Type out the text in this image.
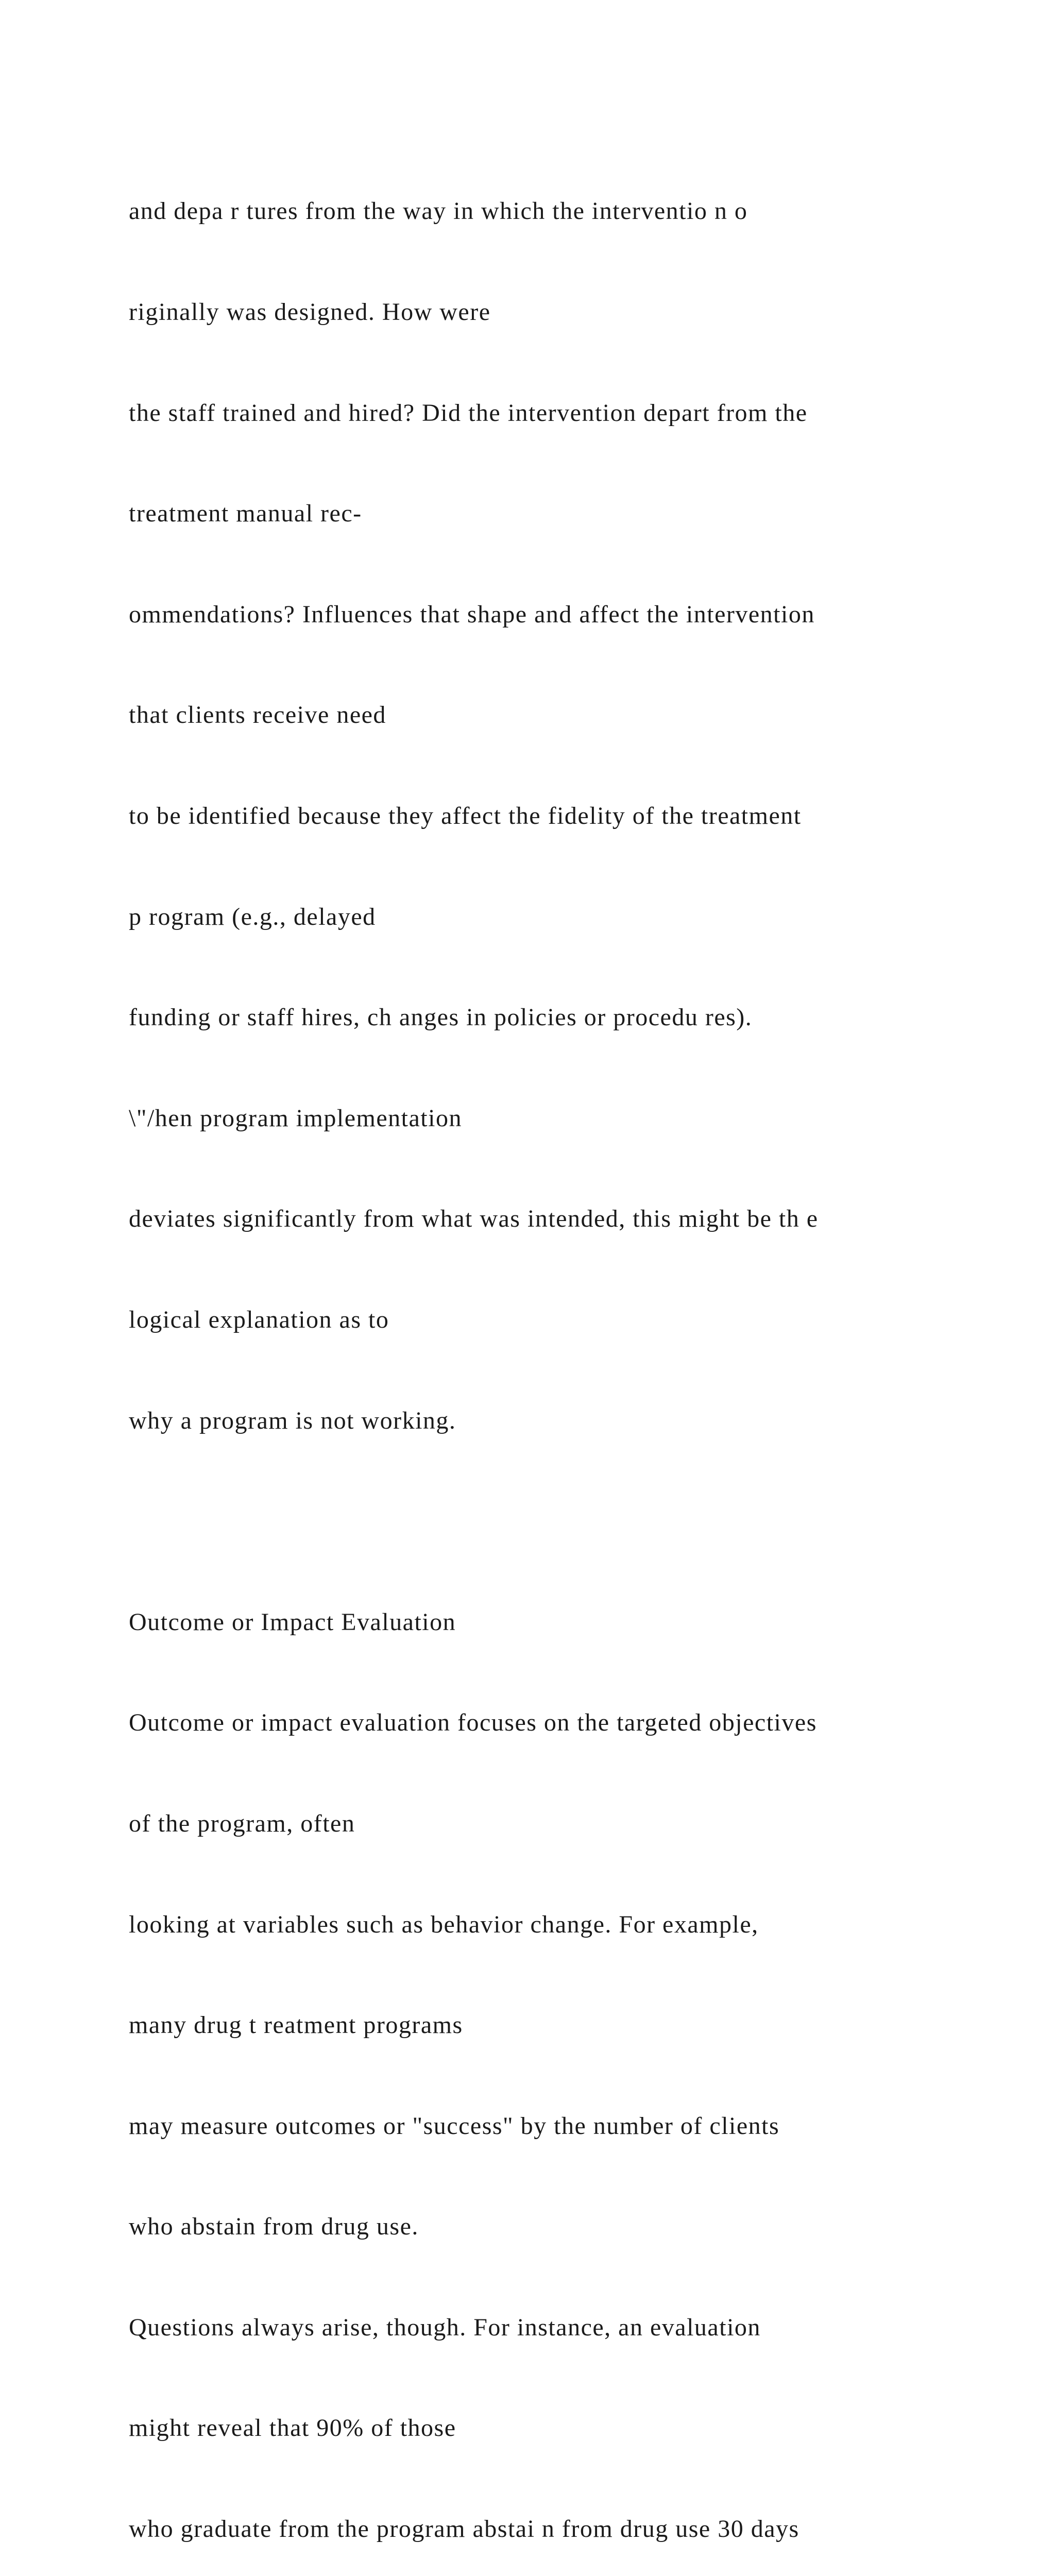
and depa r tures from the way in which the interventio n o

riginally was designed. How were

the staff trained and hired? Did the intervention depart from the

treatment manual rec-

ommendations? Influences that shape and affect the intervention

that clients receive need

to be identified because they affect the fidelity of the treatment

p rogram (e.g., delayed

funding or staff hires, ch anges in policies or procedu res).

\"/hen program implementation

deviates significantly from what was intended, this might be th e

logical explanation as to

why a program is not working.

Outcome or Impact Evaluation

Outcome or impact evaluation focuses on the targeted objectives

of the program, often

looking at variables such as behavior change. For example,

many drug t reatment programs

may measure outcomes or "success" by the number of clients

who abstain from drug use.

Questions always arise, though. For instance, an evaluation

might reveal that 90% of those

who graduate from the program abstai n from drug use 30 days
